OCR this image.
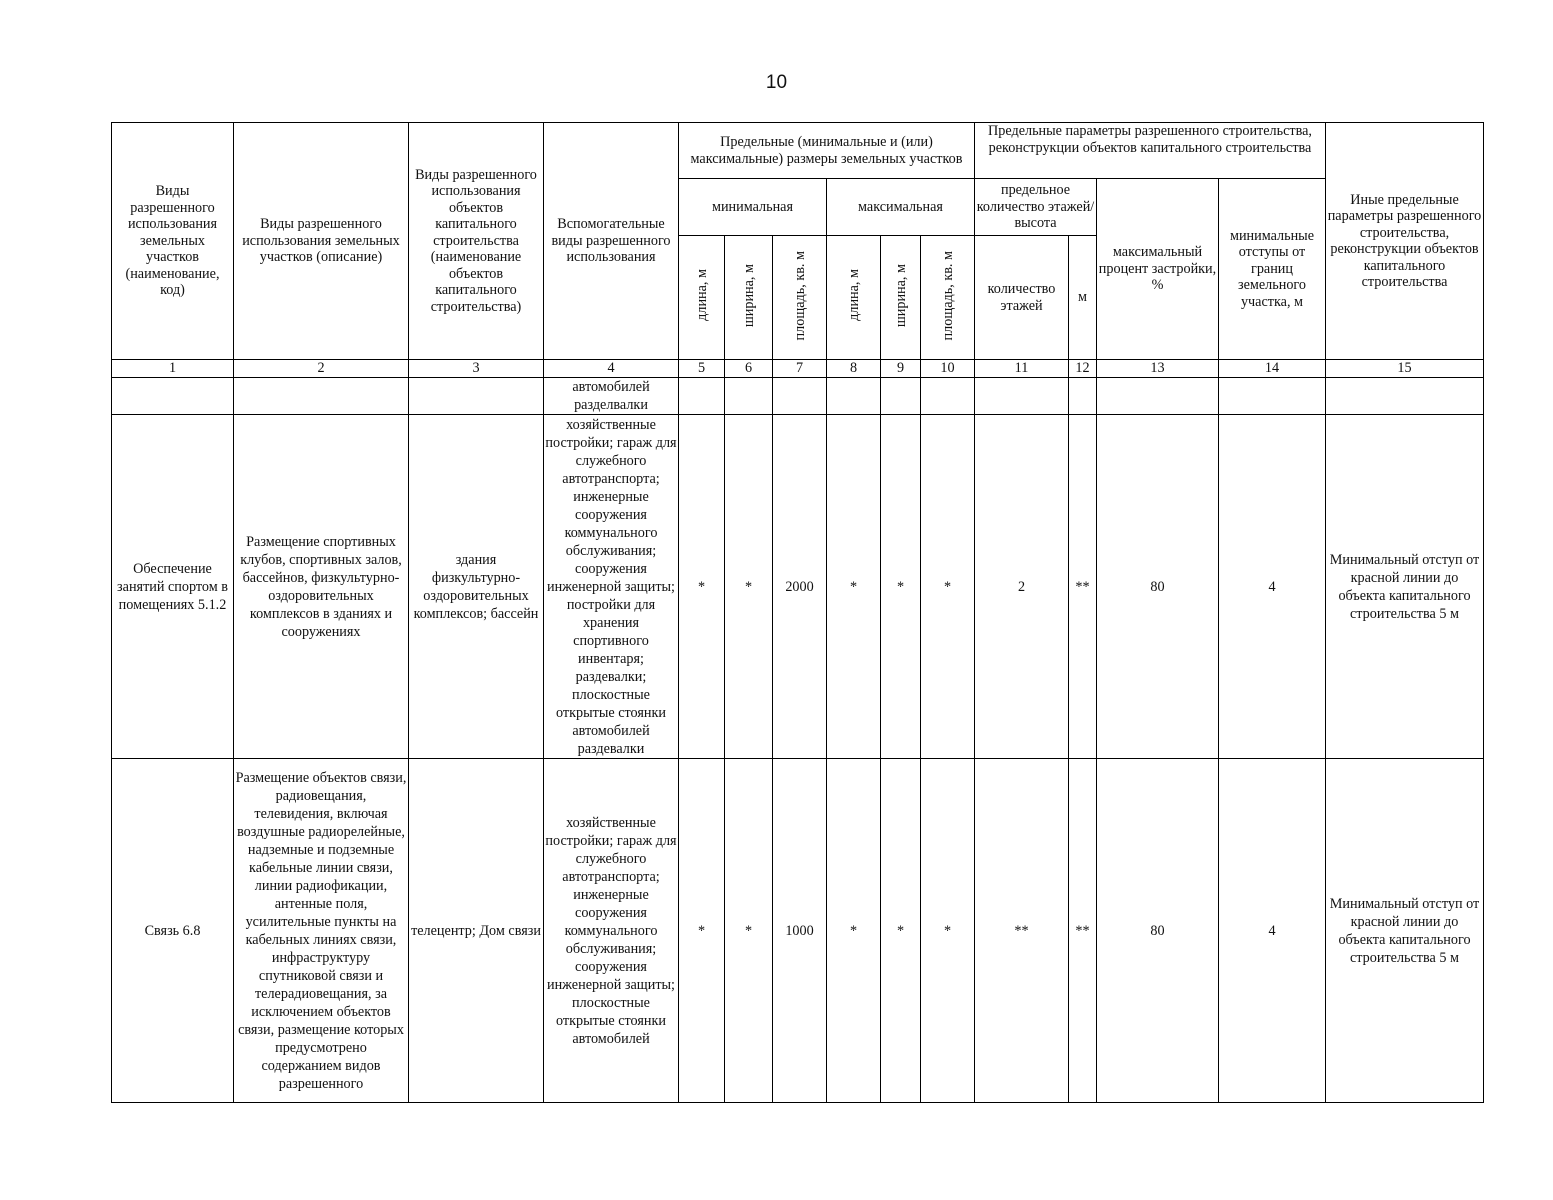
10
Виды разрешенного использования земельных участков (наименование, код)	Виды разрешенного использования земельных участков (описание)	Виды разрешенного использования объектов капитального строительства (наименование объектов капитального строительства)	Вспомогательные виды разрешенного использования	Предельные (минимальные и (или) максимальные) размеры земельных участков						Предельные параметры разрешенного строительства, реконструкции объектов капитального строительства				Иные предельные параметры разрешенного строительства, реконструкции объектов капитального строительства
				минимальная			максимальная			предельное количество этажей/высота		максимальный процент застройки, %	минимальные отступы от границ земельного участка, м	

				длина, м	ширина, м	площадь, кв. м	длина, м	ширина, м	площадь, кв. м	количество этажей	м			
1	2	3	4	5	6	7	8	9	10	11	12	13	14	15
			автомобилей разделвалки											
Обеспечение занятий спортом в помещениях 5.1.2	Размещение спортивных клубов, спортивных залов, бассейнов, физкультурно-оздоровительных комплексов в зданиях и сооружениях	здания физкультурно-оздоровительных комплексов; бассейн	хозяйственные постройки; гараж для служебного автотранспорта; инженерные сооружения коммунального обслуживания; сооружения инженерной защиты; постройки для хранения спортивного инвентаря; раздевалки; плоскостные открытые стоянки автомобилей раздевалки	*	*	2000	*	*	*	2	**	80	4	Минимальный отступ от красной линии до объекта капитального строительства 5 м
Связь 6.8	Размещение объектов связи, радиовещания, телевидения, включая воздушные радиорелейные, надземные и подземные кабельные линии связи, линии радиофикации, антенные поля, усилительные пункты на кабельных линиях связи, инфраструктуру спутниковой связи и телерадиовещания, за исключением объектов связи, размещение которых предусмотрено содержанием видов разрешенного	телецентр; Дом связи	хозяйственные постройки; гараж для служебного автотранспорта; инженерные сооружения коммунального обслуживания; сооружения инженерной защиты; плоскостные открытые стоянки автомобилей	*	*	1000	*	*	*	**	**	80	4	Минимальный отступ от красной линии до объекта капитального строительства 5 м
